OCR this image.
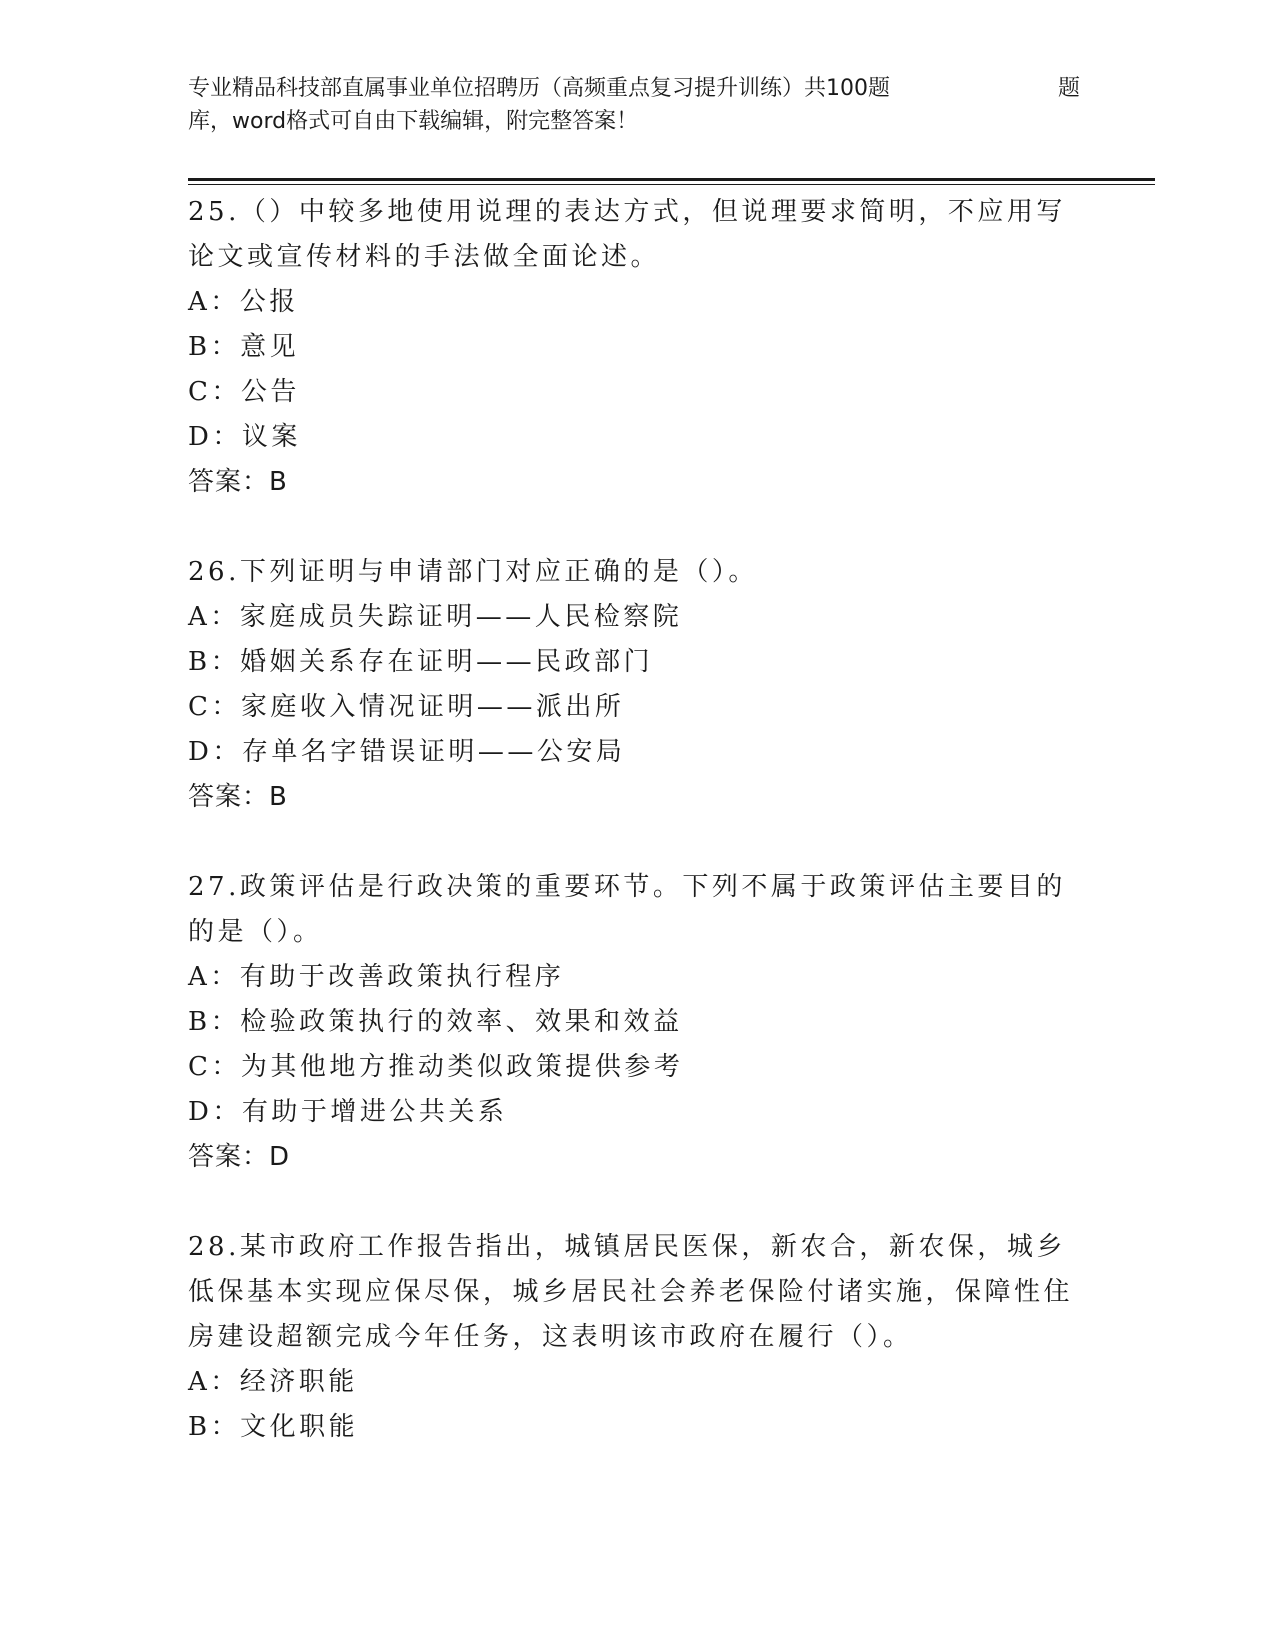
专业精品科技部直属事业单位招聘历（高频重点复习提升训练）共100题	题
库，word格式可自由下载编辑，附完整答案！

25.（）中较多地使用说理的表达方式，但说理要求简明，不应用写论文或宣传材料的手法做全面论述。

A：公报

B：意见

C：公告

D：议案

答案：B

26.下列证明与申请部门对应正确的是（）。

A：家庭成员失踪证明——人民检察院

B：婚姻关系存在证明——民政部门

C：家庭收入情况证明——派出所

D：存单名字错误证明——公安局

答案：B

27.政策评估是行政决策的重要环节。下列不属于政策评估主要目的的是（）。

A：有助于改善政策执行程序

B：检验政策执行的效率、效果和效益

C：为其他地方推动类似政策提供参考

D：有助于增进公共关系

答案：D

28.某市政府工作报告指出，城镇居民医保，新农合，新农保，城乡低保基本实现应保尽保，城乡居民社会养老保险付诸实施，保障性住房建设超额完成今年任务，这表明该市政府在履行（）。

A：经济职能

B：文化职能
